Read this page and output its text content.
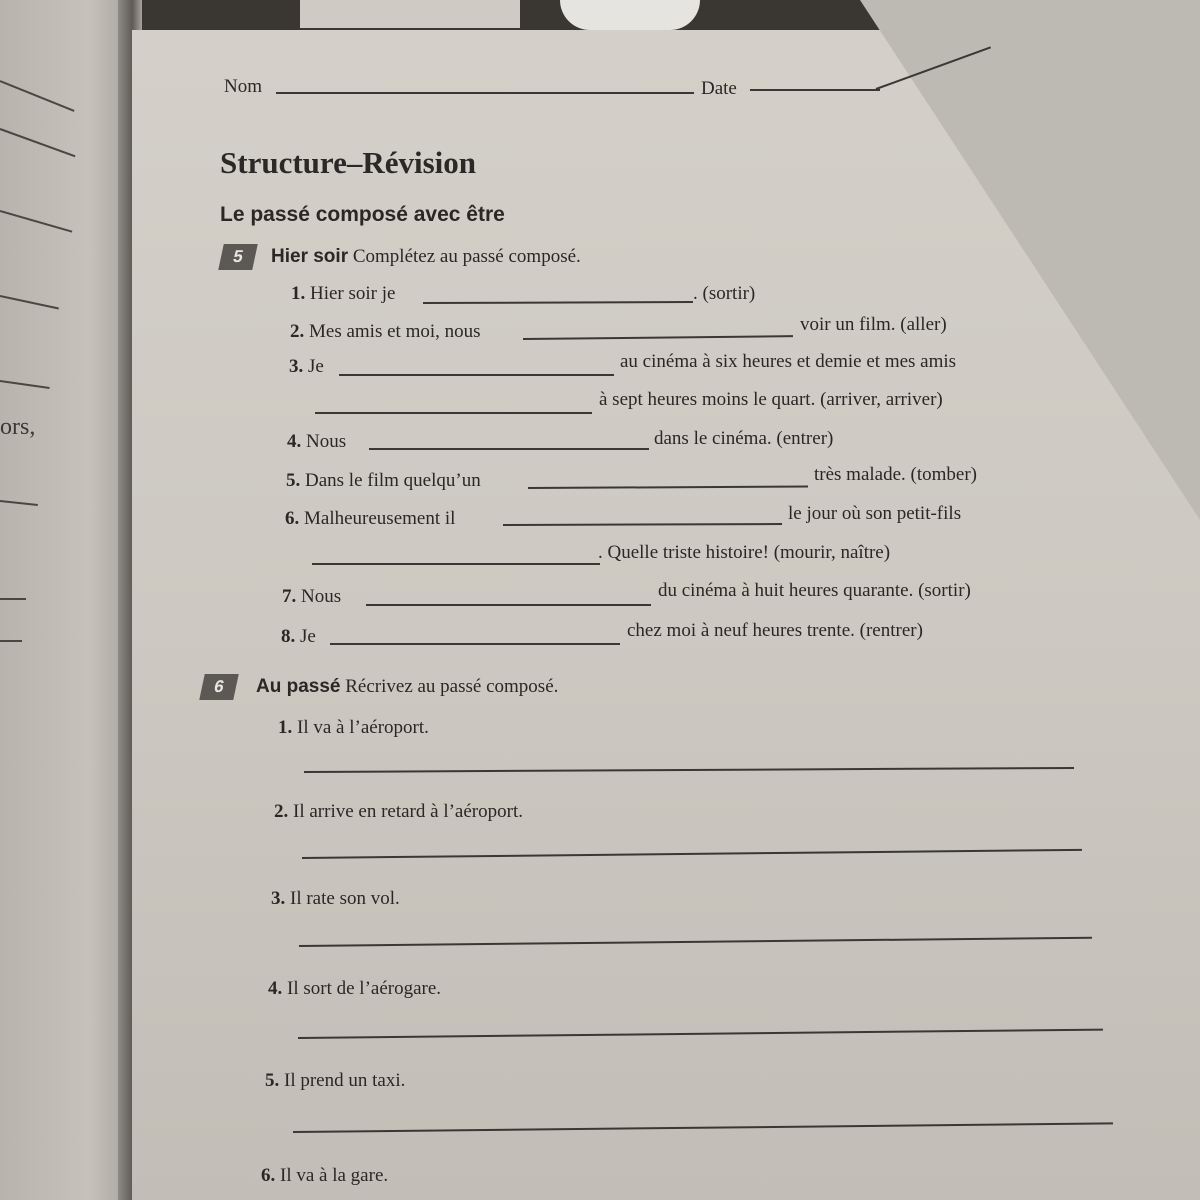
ors,
Nom	Date
Structure–Révision
Le passé composé avec être
5	Hier soir Complétez au passé composé.
1. Hier soir je	. (sortir)
2. Mes amis et moi, nous	voir un film. (aller)
3. Je	au cinéma à six heures et demie et mes amis
à sept heures moins le quart. (arriver, arriver)
4. Nous	dans le cinéma. (entrer)
5. Dans le film quelqu’un	très malade. (tomber)
6. Malheureusement il	le jour où son petit-fils
. Quelle triste histoire! (mourir, naître)
7. Nous	du cinéma à huit heures quarante. (sortir)
8. Je	chez moi à neuf heures trente. (rentrer)
6	Au passé Récrivez au passé composé.
1. Il va à l’aéroport.
2. Il arrive en retard à l’aéroport.
3. Il rate son vol.
4. Il sort de l’aérogare.
5. Il prend un taxi.
6. Il va à la gare.
